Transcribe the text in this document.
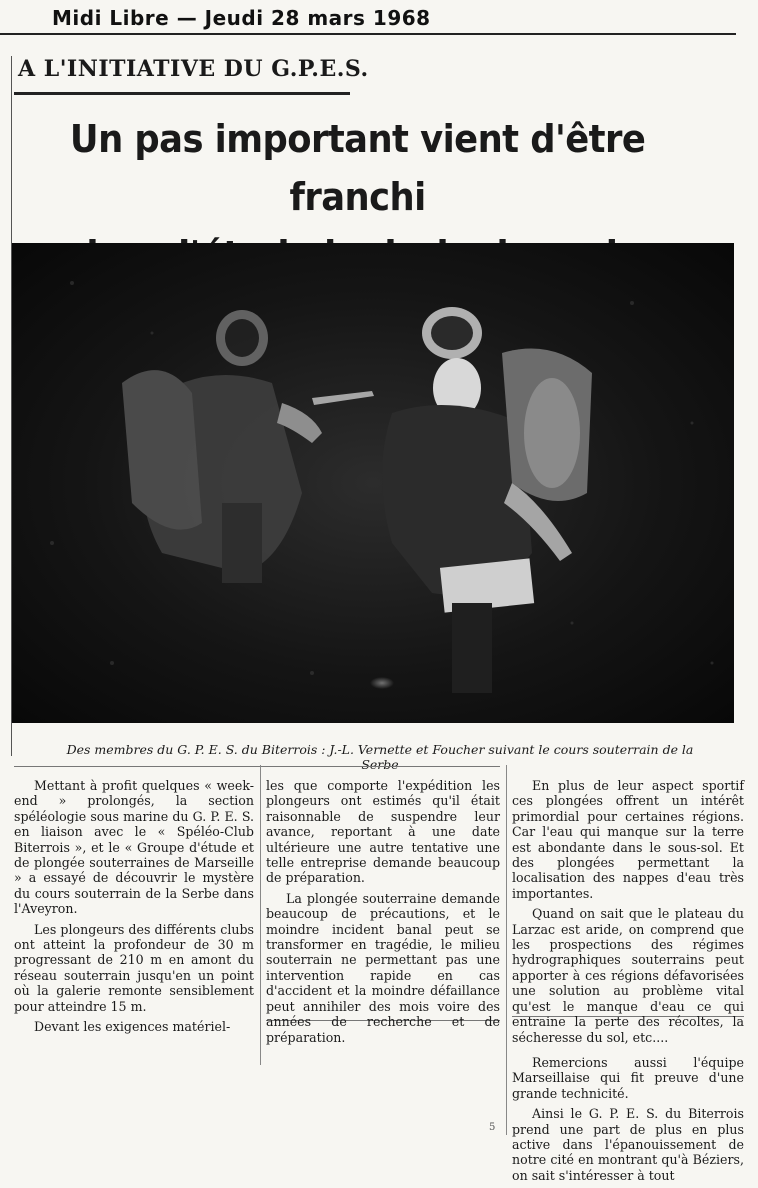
Midi Libre — Jeudi 28 mars 1968
A L'INITIATIVE DU G.P.E.S.
Un pas important vient d'être franchi
Des membres du G. P. E. S. du Biterrois : J.-L. Vernette et Foucher suivant le cours souterrain de la Serbe

Mettant à profit quelques « week-end » prolongés, la section spéléologie sous marine du G. P. E. S. en liaison avec le « Spéléo-Club Biterrois », et le « Groupe d'étude et de plongée souterraines de Marseille » a essayé de découvrir le mystère du cours souterrain de la Serbe dans l'Aveyron.

Les plongeurs des différents clubs ont atteint la profondeur de 30 m progressant de 210 m en amont du réseau souterrain jusqu'en un point où la galerie remonte sensiblement pour atteindre 15 m.

Devant les exigences matériel-

les que comporte l'expédition les plongeurs ont estimés qu'il était raisonnable de suspendre leur avance, reportant à une date ultérieure une autre tentative une telle entreprise demande beaucoup de préparation.

La plongée souterraine demande beaucoup de précautions, et le moindre incident banal peut se transformer en tragédie, le milieu souterrain ne permettant pas une intervention rapide en cas d'accident et la moindre défaillance peut annihiler des mois voire des années de recherche et de préparation.

En plus de leur aspect sportif ces plongées offrent un intérêt primordial pour certaines régions. Car l'eau qui manque sur la terre est abondante dans le sous-sol. Et des plongées permettant la localisation des nappes d'eau très importantes.

Quand on sait que le plateau du Larzac est aride, on comprend que les prospections des régimes hydrographiques souterrains peut apporter à ces régions défavorisées une solution au problème vital qu'est le manque d'eau ce qui entraine la perte des récoltes, la sécheresse du sol, etc....

Remercions aussi l'équipe Marseillaise qui fit preuve d'une grande technicité.

Ainsi le G. P. E. S. du Biterrois prend une part de plus en plus active dans l'épanouissement de notre cité en montrant qu'à Béziers, on sait s'intéresser à tout

5
